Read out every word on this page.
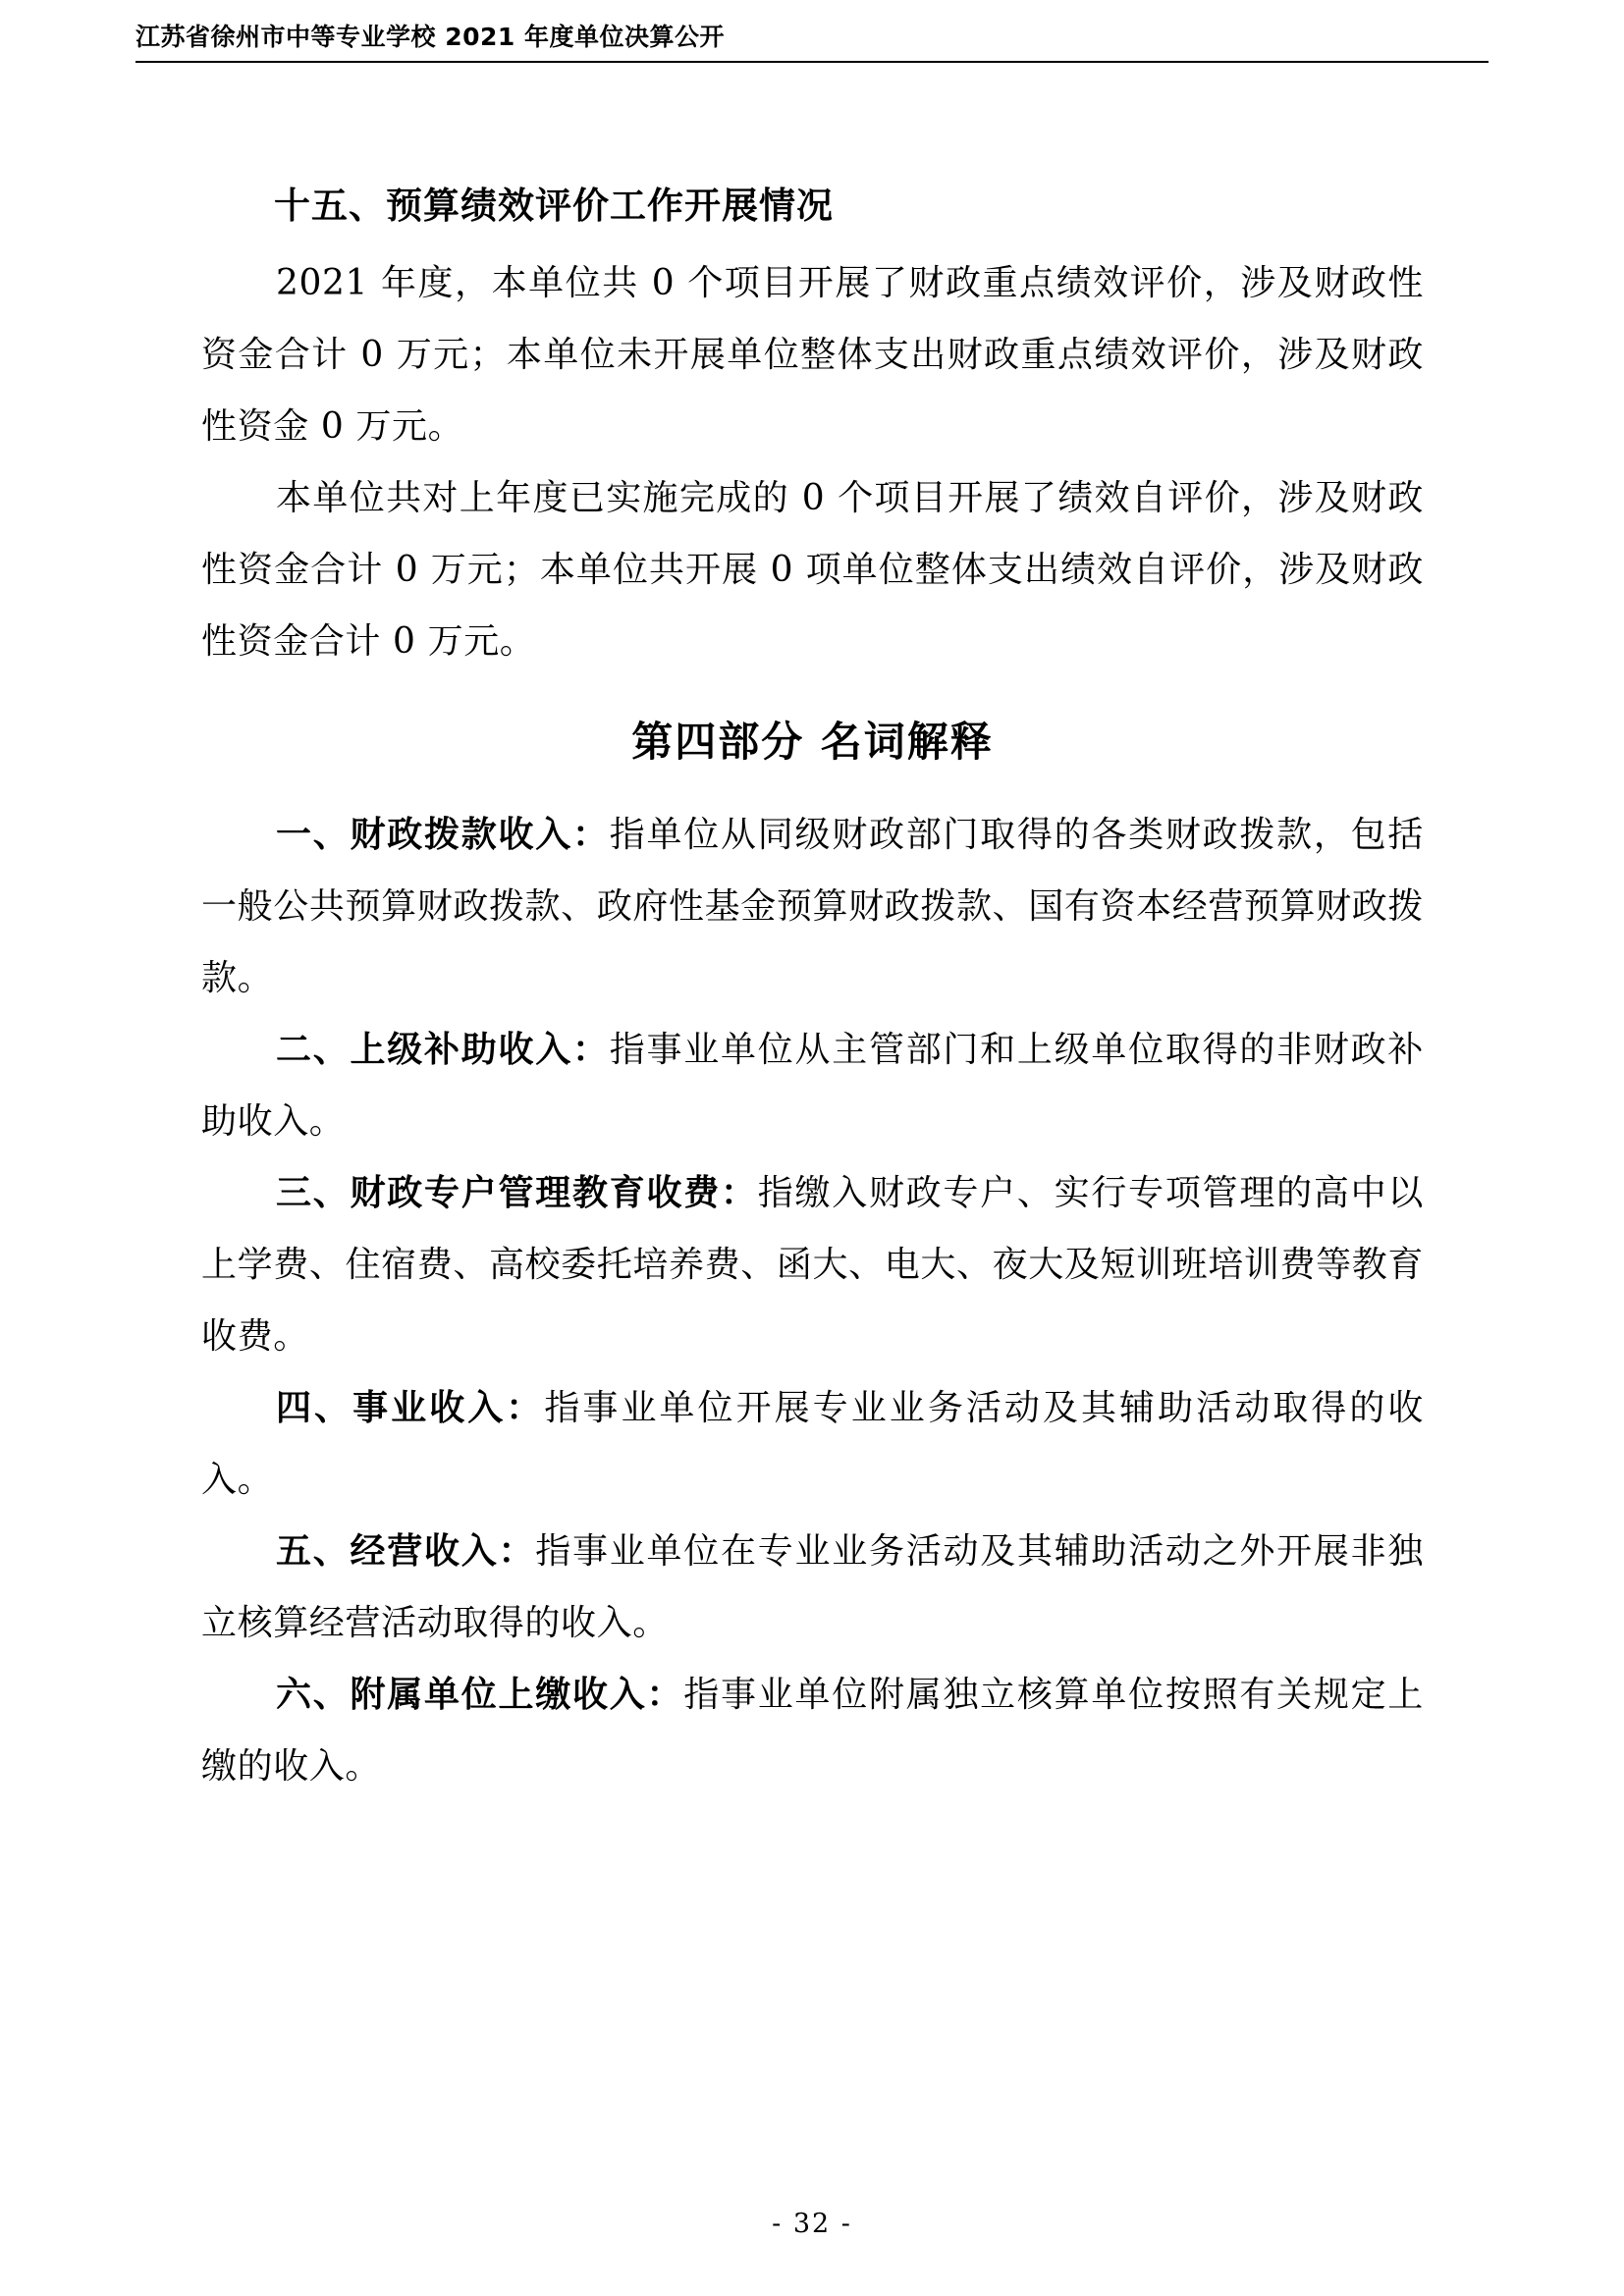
江苏省徐州市中等专业学校 2021 年度单位决算公开
十五、预算绩效评价工作开展情况

2021 年度，本单位共 0 个项目开展了财政重点绩效评价，涉及财政性资金合计 0 万元；本单位未开展单位整体支出财政重点绩效评价，涉及财政性资金 0 万元。

本单位共对上年度已实施完成的 0 个项目开展了绩效自评价，涉及财政性资金合计 0 万元；本单位共开展 0 项单位整体支出绩效自评价，涉及财政性资金合计 0 万元。

第四部分 名词解释

一、财政拨款收入：指单位从同级财政部门取得的各类财政拨款，包括一般公共预算财政拨款、政府性基金预算财政拨款、国有资本经营预算财政拨款。

二、上级补助收入：指事业单位从主管部门和上级单位取得的非财政补助收入。

三、财政专户管理教育收费：指缴入财政专户、实行专项管理的高中以上学费、住宿费、高校委托培养费、函大、电大、夜大及短训班培训费等教育收费。

四、事业收入：指事业单位开展专业业务活动及其辅助活动取得的收入。

五、经营收入：指事业单位在专业业务活动及其辅助活动之外开展非独立核算经营活动取得的收入。

六、附属单位上缴收入：指事业单位附属独立核算单位按照有关规定上缴的收入。

- 32 -
